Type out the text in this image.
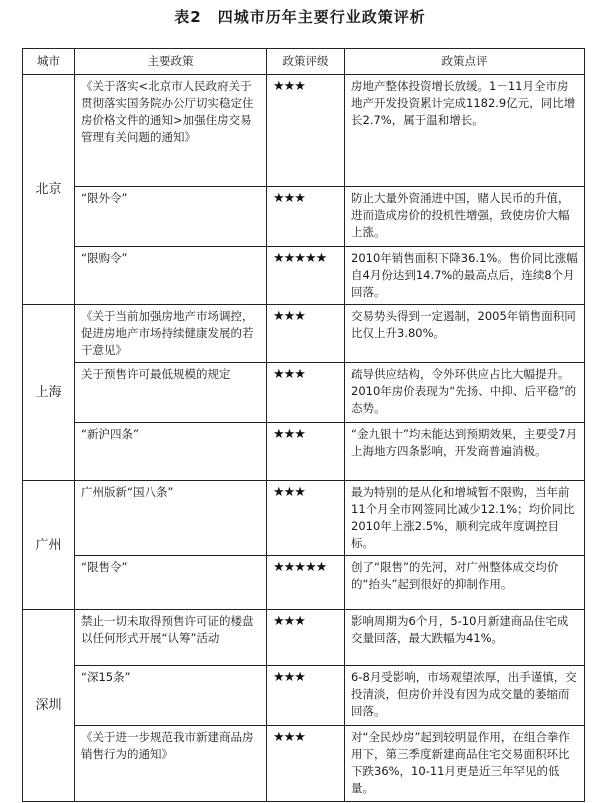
表2　四城市历年主要行业政策评析
城市	主要政策	政策评级	政策点评
北京	《关于落实<北京市人民政府关于贯彻落实国务院办公厅切实稳定住房价格文件的通知>加强住房交易管理有关问题的通知》	★★★	房地产整体投资增长放缓。1－11月全市房地产开发投资累计完成1182.9亿元，同比增长2.7%，属于温和增长。
	“限外令”	★★★	防止大量外资涌进中国，赌人民币的升值，进而造成房价的投机性增强，致使房价大幅上涨。
	“限购令”	★★★★★	2010年销售面积下降36.1%。售价同比涨幅自4月份达到14.7%的最高点后，连续8个月回落。
上海	《关于当前加强房地产市场调控，促进房地产市场持续健康发展的若干意见》	★★★	交易势头得到一定遏制，2005年销售面积同比仅上升3.80%。
	关于预售许可最低规模的规定	★★★	疏导供应结构，令外环供应占比大幅提升。2010年房价表现为“先扬、中抑、后平稳”的态势。
	“新沪四条”	★★★	“金九银十”均未能达到预期效果，主要受7月上海地方四条影响，开发商普遍消极。
广州	广州版新“国八条”	★★★	最为特别的是从化和增城暂不限购，当年前11个月全市网签同比减少12.1%；均价同比2010年上涨2.5%，顺利完成年度调控目标。
	“限售令”	★★★★★	创了“限售”的先河，对广州整体成交均价的“抬头”起到很好的抑制作用。
深圳	禁止一切未取得预售许可证的楼盘以任何形式开展“认筹”活动	★★★	影响周期为6个月，5-10月新建商品住宅成交量回落，最大跌幅为41%。
	“深15条”	★★★	6-8月受影响，市场观望浓厚，出手谨慎，交投清淡，但房价并没有因为成交量的萎缩而回落。
	《关于进一步规范我市新建商品房销售行为的通知》	★★★	对“全民炒房”起到较明显作用，在组合拳作用下，第三季度新建商品住宅交易面积环比下跌36%，10-11月更是近三年罕见的低量。
